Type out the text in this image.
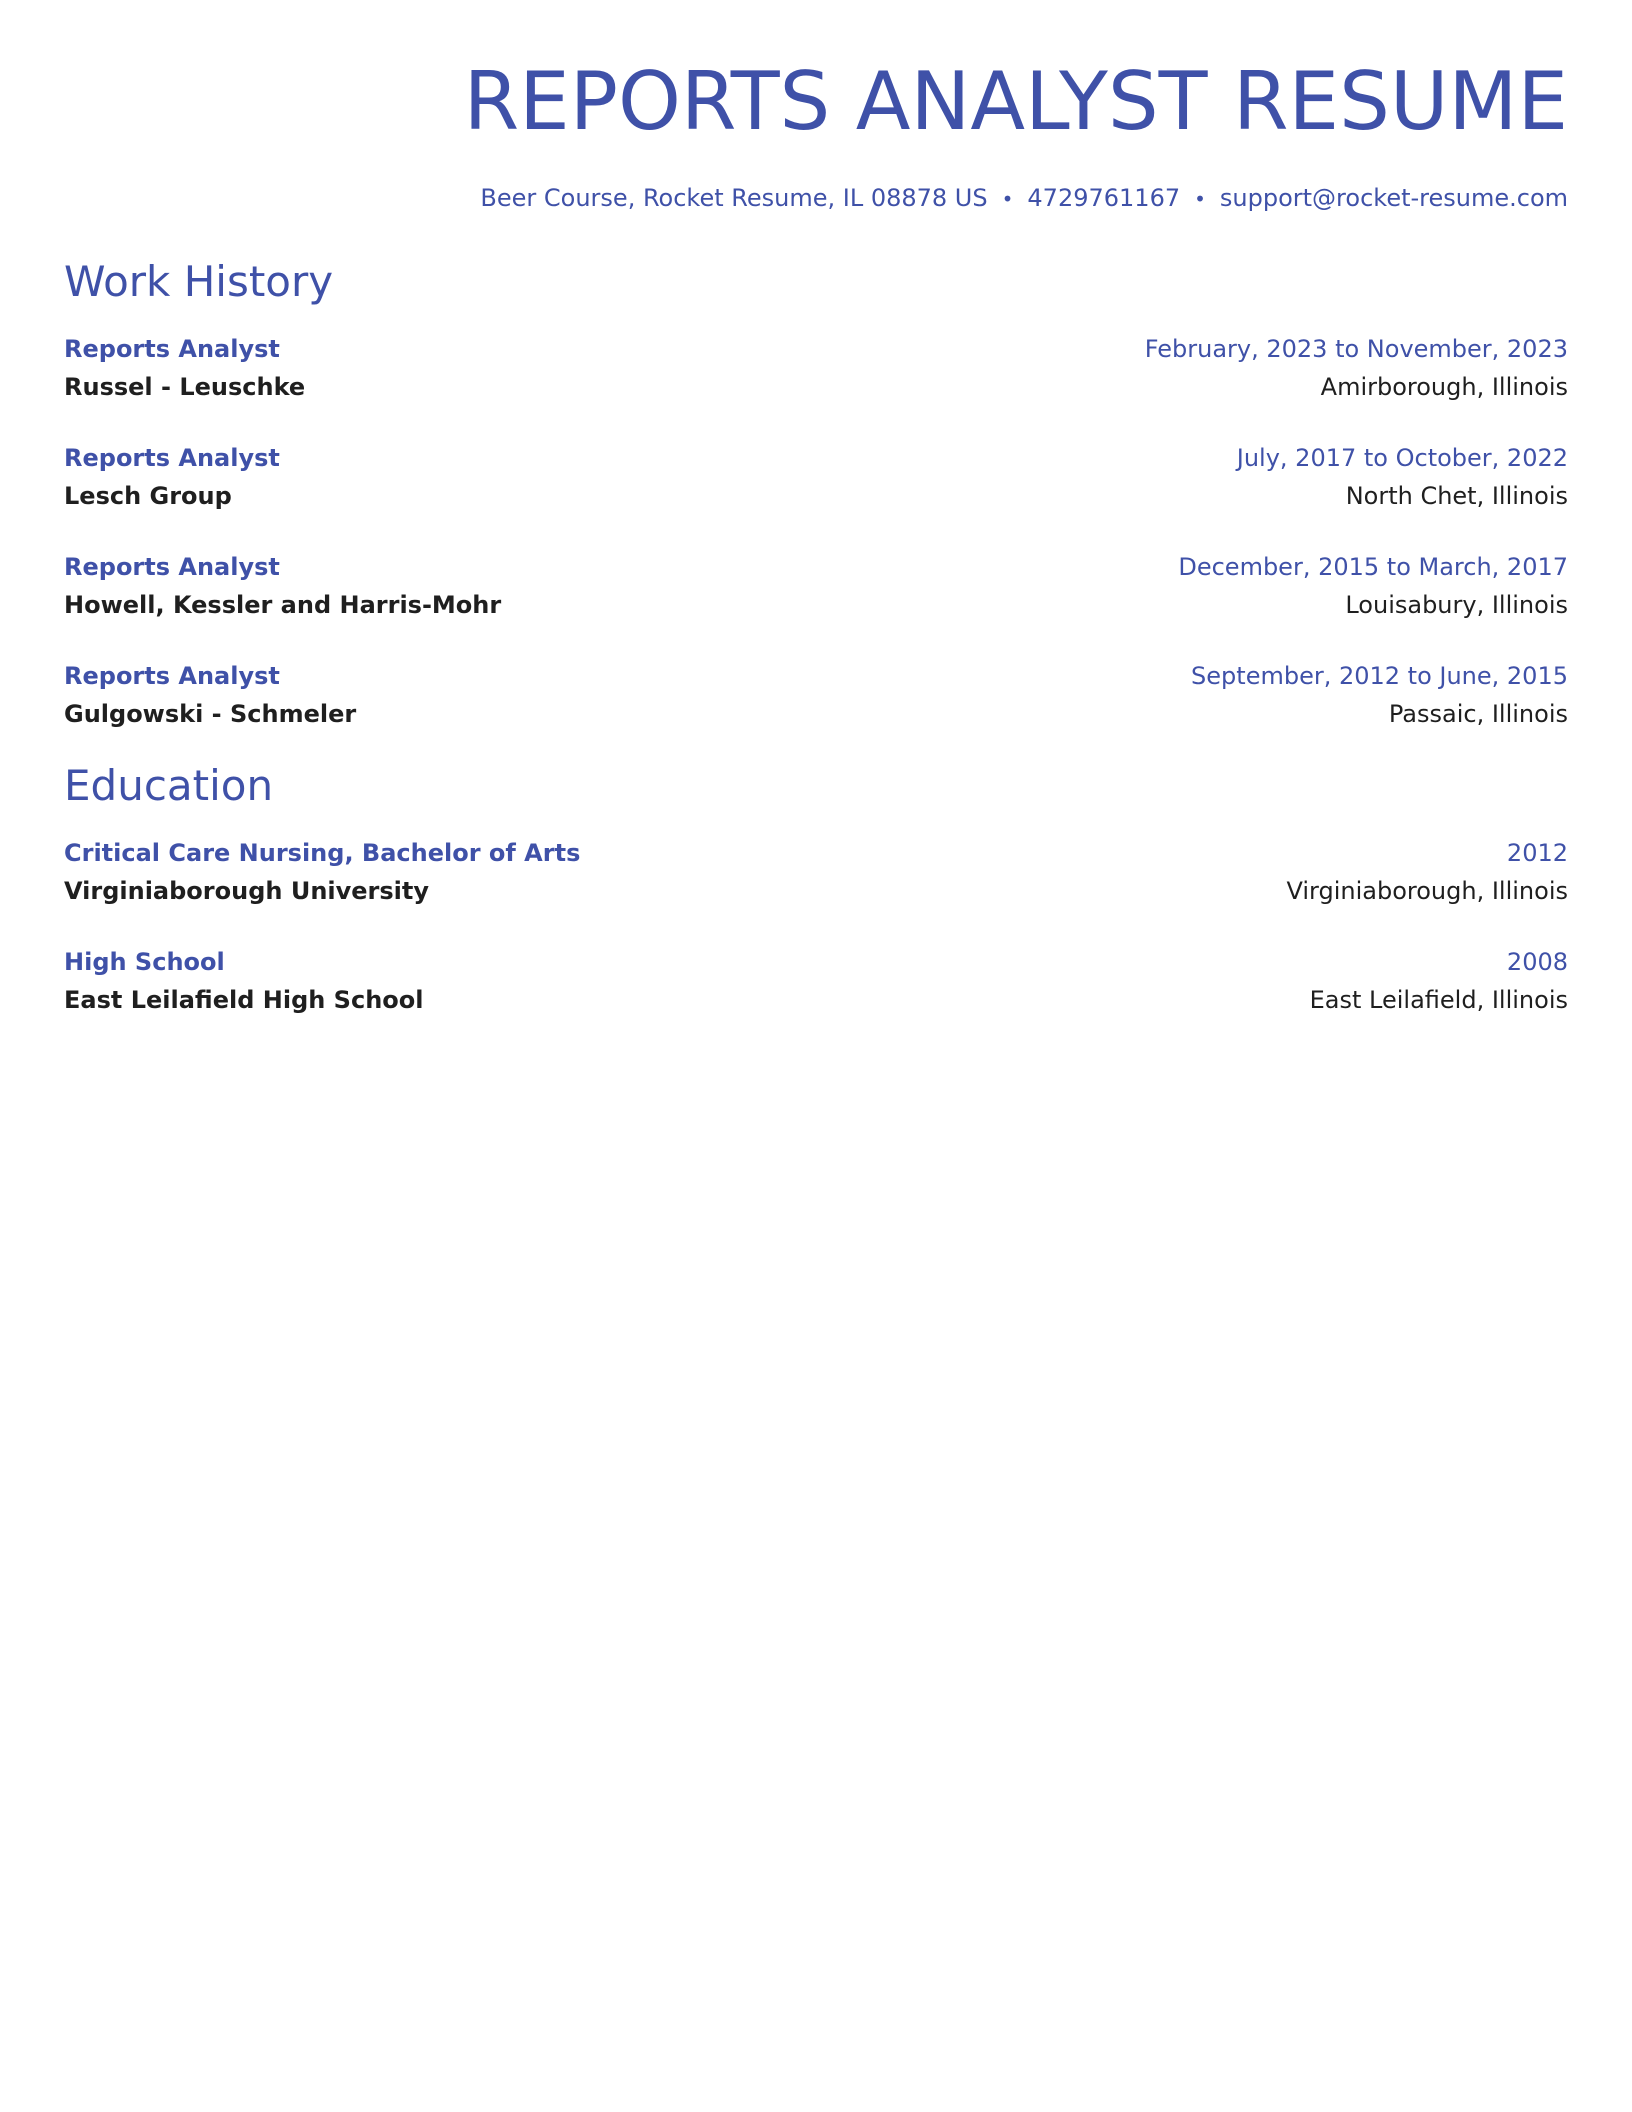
REPORTS ANALYST RESUME
Beer Course, Rocket Resume, IL 08878 US • 4729761167 • support@rocket-resume.com
Work History
Reports Analyst	February, 2023 to November, 2023
Russel - Leuschke	Amirborough, Illinois
Reports Analyst	July, 2017 to October, 2022
Lesch Group	North Chet, Illinois
Reports Analyst	December, 2015 to March, 2017
Howell, Kessler and Harris-Mohr	Louisabury, Illinois
Reports Analyst	September, 2012 to June, 2015
Gulgowski - Schmeler	Passaic, Illinois
Education
Critical Care Nursing, Bachelor of Arts	2012
Virginiaborough University	Virginiaborough, Illinois
High School	2008
East Leilafield High School	East Leilafield, Illinois
